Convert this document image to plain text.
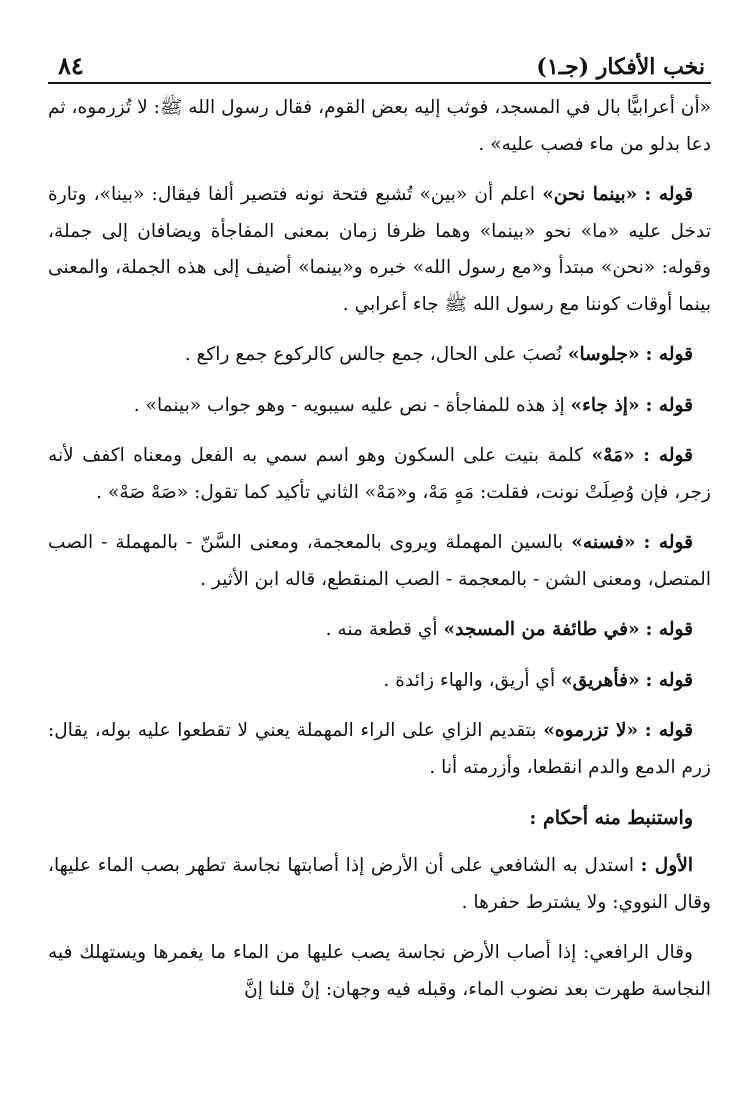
نخب الأفكار (جـ١)
٨٤

«أن أعرابيًّا بال في المسجد، فوثب إليه بعض القوم، فقال رسول الله ﷺ: لا تُزرموه، ثم دعا بدلو من ماء فصب عليه» .

قوله : «بينما نحن» اعلم أن «بين» تُشبع فتحة نونه فتصير ألفا فيقال: «بينا»، وتارة تدخل عليه «ما» نحو «بينما» وهما ظرفا زمان بمعنى المفاجأة ويضافان إلى جملة، وقوله: «نحن» مبتدأ و«مع رسول الله» خبره و«بينما» أضيف إلى هذه الجملة، والمعنى بينما أوقات كوننا مع رسول الله ﷺ جاء أعرابي .

قوله : «جلوسا» نُصبَ على الحال، جمع جالس كالركوع جمع راكع .

قوله : «إذ جاء» إذ هذه للمفاجأة - نص عليه سيبويه - وهو جواب «بينما» .

قوله : «مَهْ» كلمة بنيت على السكون وهو اسم سمي به الفعل ومعناه اكفف لأنه زجر، فإن وُصِلَتْ نونت، فقلت: مَهٍ مَهْ، و«مَهْ» الثاني تأكيد كما تقول: «صَهْ صَهْ» .

قوله : «فسنه» بالسين المهملة ويروى بالمعجمة، ومعنى السَّنّ - بالمهملة - الصب المتصل، ومعنى الشن - بالمعجمة - الصب المنقطع، قاله ابن الأثير .

قوله : «في طائفة من المسجد» أي قطعة منه .

قوله : «فأهريق» أي أريق، والهاء زائدة .

قوله : «لا تزرموه» بتقديم الزاي على الراء المهملة يعني لا تقطعوا عليه بوله، يقال: زرم الدمع والدم انقطعا، وأزرمته أنا .

واستنبط منه أحكام :

الأول : استدل به الشافعي على أن الأرض إذا أصابتها نجاسة تطهر بصب الماء عليها، وقال النووي: ولا يشترط حفرها .

وقال الرافعي: إذا أصاب الأرض نجاسة يصب عليها من الماء ما يغمرها ويستهلك فيه النجاسة طهرت بعد نضوب الماء، وقبله فيه وجهان: إنْ قلنا إنَّ
